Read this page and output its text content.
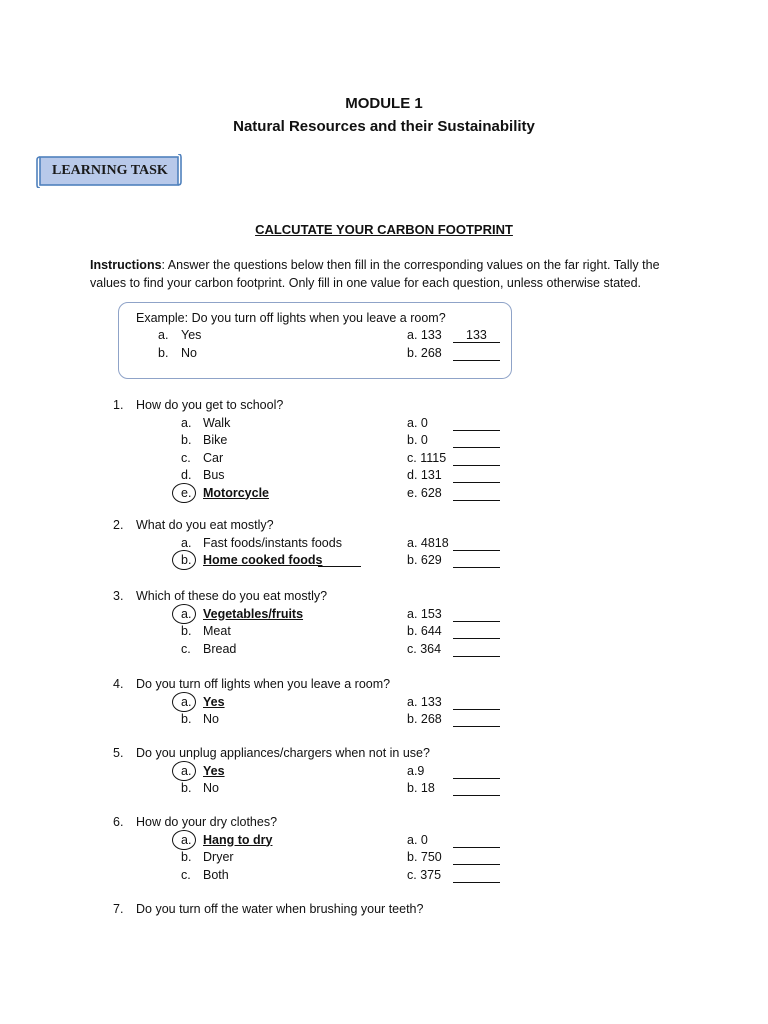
MODULE 1
Natural Resources and their Sustainability
LEARNING TASK
CALCUTATE YOUR CARBON FOOTPRINT
Instructions: Answer the questions below then fill in the corresponding values on the far right. Tally the values to find your carbon footprint. Only fill in one value for each question, unless otherwise stated.
Example: Do you turn off lights when you leave a room?
a. Yes	a. 133 133
b. No	b. 268
1. How do you get to school?
a. Walk	a. 0
b. Bike	b. 0
c. Car	c. 1115
d. Bus	d. 131
e. Motorcycle	e. 628
2. What do you eat mostly?
a. Fast foods/instants foods	a. 4818
b. Home cooked foods	b. 629
3. Which of these do you eat mostly?
a. Vegetables/fruits	a. 153
b. Meat	b. 644
c. Bread	c. 364
4. Do you turn off lights when you leave a room?
a. Yes	a. 133
b. No	b. 268
5. Do you unplug appliances/chargers when not in use?
a. Yes	a.9
b. No	b. 18
6. How do your dry clothes?
a. Hang to dry	a. 0
b. Dryer	b. 750
c. Both	c. 375
7. Do you turn off the water when brushing your teeth?
